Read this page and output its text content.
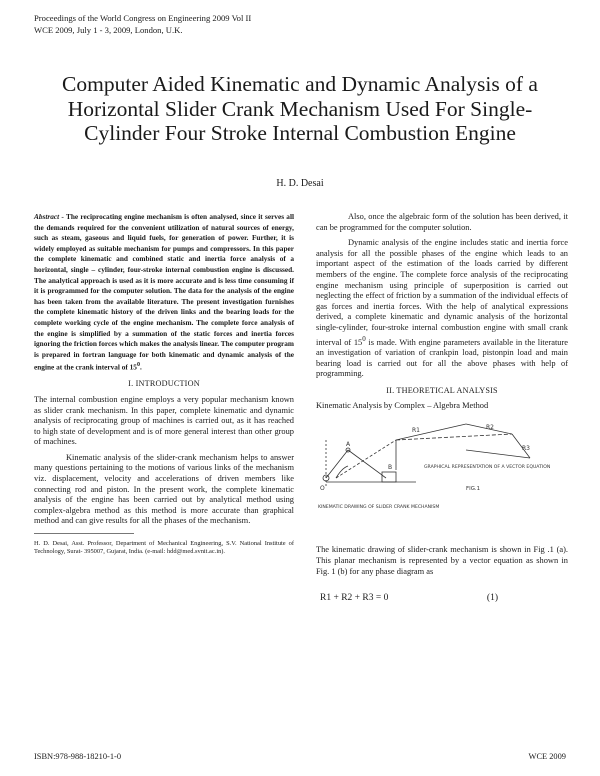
Proceedings of the World Congress on Engineering 2009 Vol II
WCE 2009, July 1 - 3, 2009, London, U.K.
Computer Aided Kinematic and Dynamic Analysis of a Horizontal Slider Crank Mechanism Used For Single-Cylinder Four Stroke Internal Combustion Engine
H. D. Desai

Abstract - The reciprocating engine mechanism is often analysed, since it serves all the demands required for the convenient utilization of natural sources of energy, such as steam, gaseous and liquid fuels, for generation of power. Further, it is widely employed as suitable mechanism for pumps and compressors. In this paper the complete kinematic and combined static and inertia force analysis of a horizontal, single – cylinder, four-stroke internal combustion engine is discussed. The analytical approach is used as it is more accurate and is less time consuming if it is programmed for the computer solution. The data for the analysis of the engine has been taken from the available literature. The present investigation furnishes the complete kinematic history of the driven links and the bearing loads for the complete working cycle of the engine mechanism. The complete force analysis of the engine is simplified by a summation of the static forces and inertia forces ignoring the friction forces which makes the analysis linear. The computer program is prepared in fortran language for both kinematic and dynamic analysis of the engine at the crank interval of $15^0$.

I. INTRODUCTION

The internal combustion engine employs a very popular mechanism known as slider crank mechanism. In this paper, complete kinematic and dynamic analysis of reciprocating group of machines is carried out, as it has reached to high state of development and is of more general interest than other group of machines.

Kinematic analysis of the slider-crank mechanism helps to answer many questions pertaining to the motions of various links of the mechanism viz. displacement, velocity and accelerations of driven members like connecting rod and piston. In the present work, the complete kinematic analysis of the engine has been carried out by analytical method using complex-algebra method as this method is more accurate than graphical method and can give results for all the phases of the mechanism.

H. D. Desai, Asst. Professor, Department of Mechanical Engineering, S.V. National Institute of Technology, Surat- 395007, Gujarat, India. (e-mail: hdd@med.svnit.ac.in).

Also, once the algebraic form of the solution has been derived, it can be programmed for the computer solution.

Dynamic analysis of the engine includes static and inertia force analysis for all the possible phases of the engine which leads to an important aspect of the estimation of the loads carried by different members of the engine. The complete force analysis of the reciprocating engine mechanism using principle of superposition is carried out neglecting the effect of friction by a summation of the individual effects of gas forces and inertia forces. With the help of analytical expressions derived, a complete kinematic and dynamic analysis of the horizontal single-cylinder, four-stroke internal combustion engine with small crank interval of $15^0$ is made. With engine parameters available in the literature an investigation of variation of crankpin load, pistonpin load and main bearing load is carried out for all the above phases with help of programming.

II. THEORETICAL ANALYSIS
Kinematic Analysis by Complex – Algebra Method
R1	R2
R3
A
B
O
GRAPHICAL REPRESENTATION OF A VECTOR EQUATION
FIG.1
KINEMATIC DRAWING OF SLIDER CRANK MECHANISM

The kinematic drawing of slider-crank mechanism is shown in Fig .1 (a). This planar mechanism is represented by a vector equation as shown in Fig. 1 (b) for any phase diagram as

R1 + R2 + R3 = 0	(1)
ISBN:978-988-18210-1-0	WCE 2009
